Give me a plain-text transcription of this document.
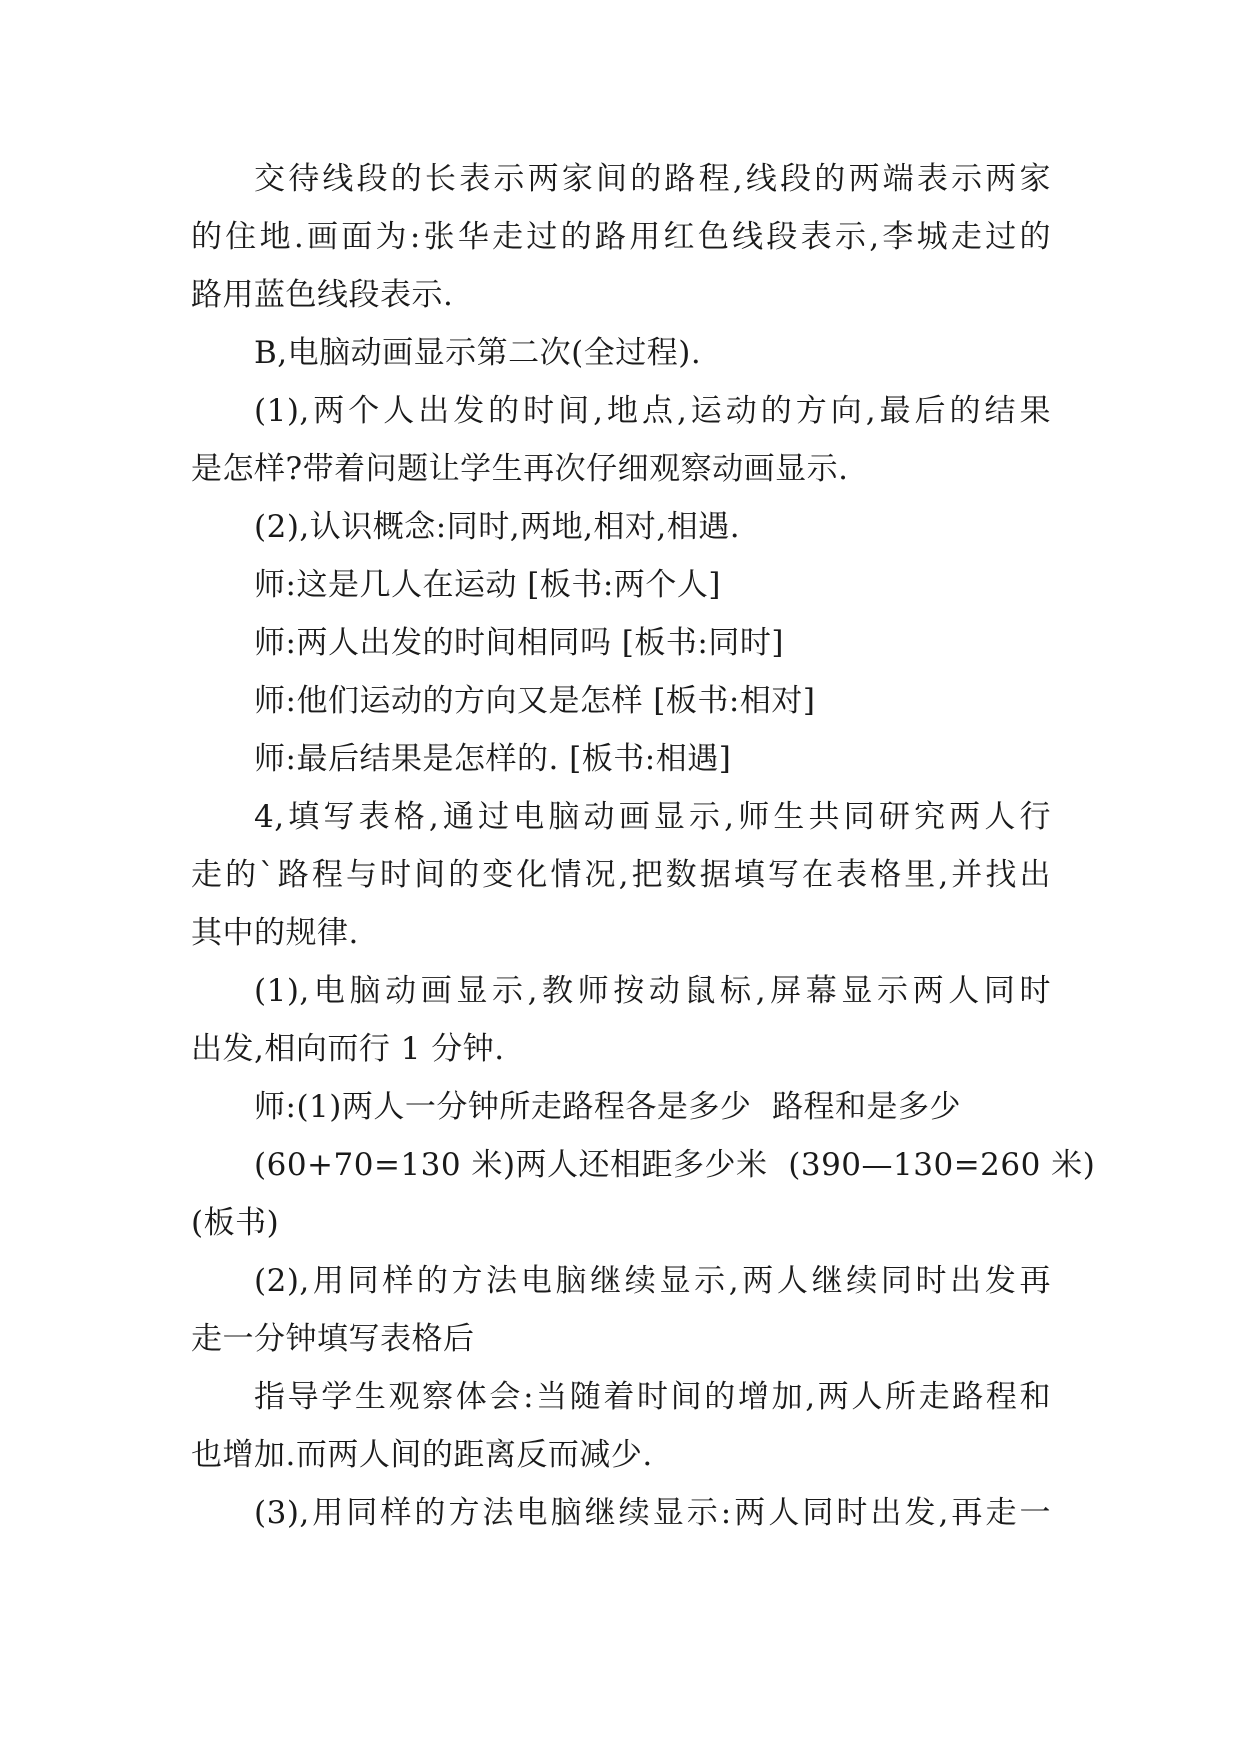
交待线段的长表示两家间的路程,线段的两端表示两家
的住地.画面为:张华走过的路用红色线段表示,李城走过的
路用蓝色线段表示.
B,电脑动画显示第二次(全过程).
(1),两个人出发的时间,地点,运动的方向,最后的结果
是怎样?带着问题让学生再次仔细观察动画显示.
(2),认识概念:同时,两地,相对,相遇.
师:这是几人在运动 [板书:两个人]
师:两人出发的时间相同吗 [板书:同时]
师:他们运动的方向又是怎样 [板书:相对]
师:最后结果是怎样的. [板书:相遇]
4,填写表格,通过电脑动画显示,师生共同研究两人行
走的`路程与时间的变化情况,把数据填写在表格里,并找出
其中的规律.
(1),电脑动画显示,教师按动鼠标,屏幕显示两人同时
出发,相向而行 1 分钟.
师:(1)两人一分钟所走路程各是多少  路程和是多少
(60+70=130 米)两人还相距多少米  (390—130=260 米)
(板书)
(2),用同样的方法电脑继续显示,两人继续同时出发再
走一分钟填写表格后
指导学生观察体会:当随着时间的增加,两人所走路程和
也增加.而两人间的距离反而减少.
(3),用同样的方法电脑继续显示:两人同时出发,再走一
